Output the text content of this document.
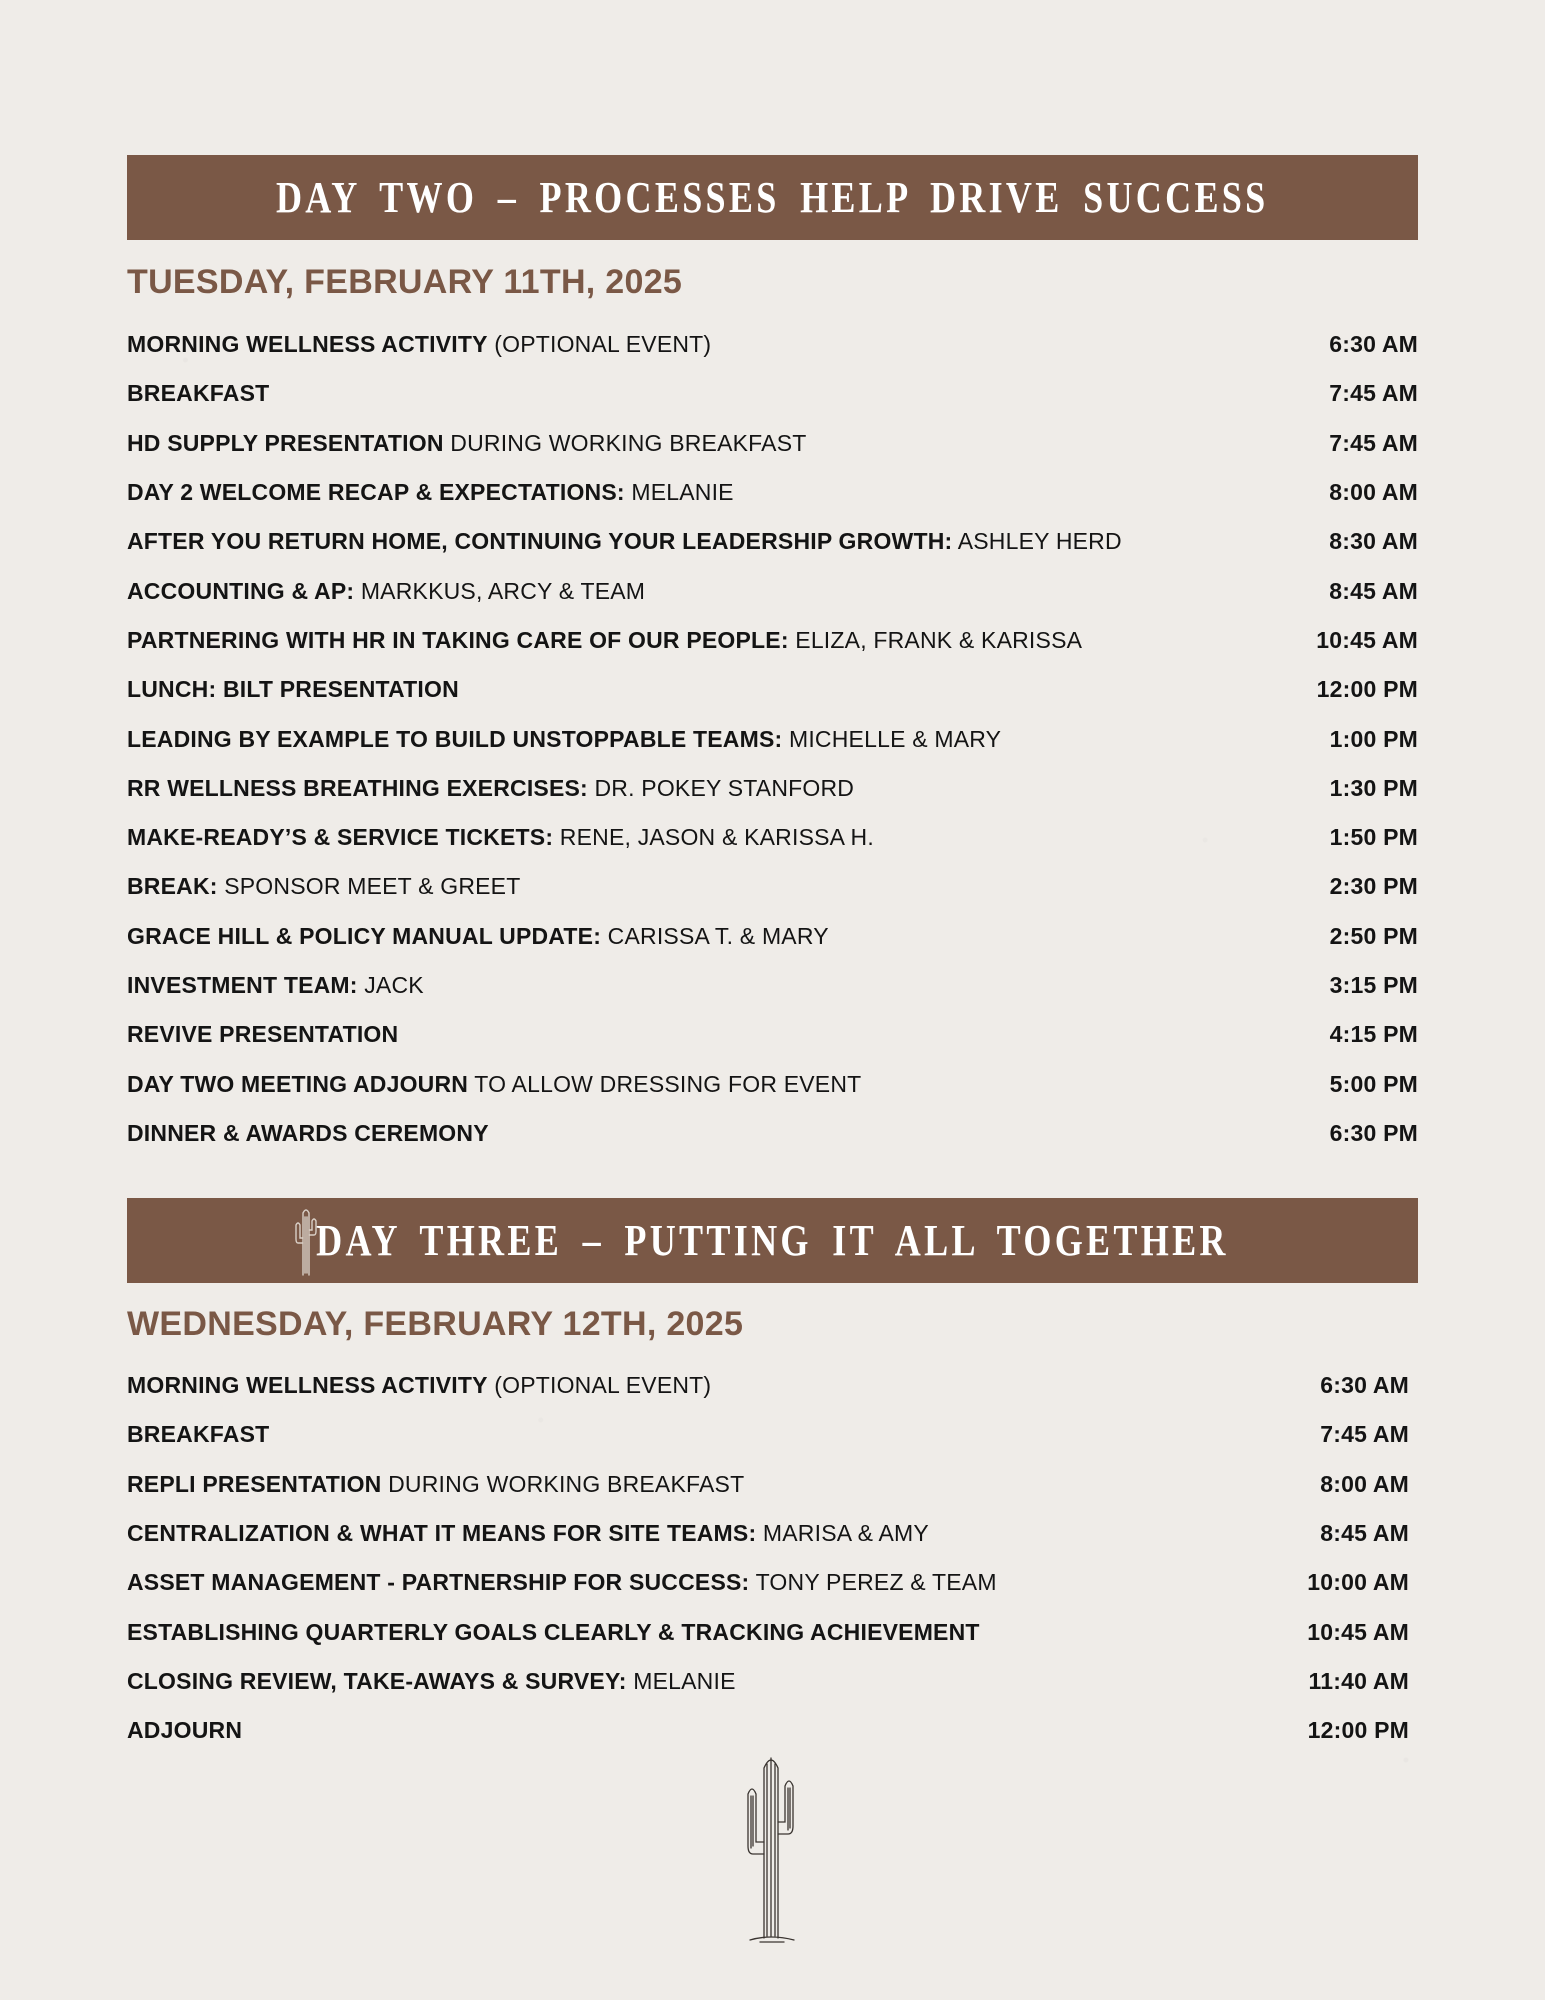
DAY TWO – PROCESSES HELP DRIVE SUCCESS
TUESDAY, FEBRUARY 11TH, 2025
MORNING WELLNESS ACTIVITY (OPTIONAL EVENT)	6:30 AM
BREAKFAST	7:45 AM
HD SUPPLY PRESENTATION DURING WORKING BREAKFAST	7:45 AM
DAY 2 WELCOME RECAP & EXPECTATIONS: MELANIE	8:00 AM
AFTER YOU RETURN HOME, CONTINUING YOUR LEADERSHIP GROWTH: ASHLEY HERD	8:30 AM
ACCOUNTING & AP: MARKKUS, ARCY & TEAM	8:45 AM
PARTNERING WITH HR IN TAKING CARE OF OUR PEOPLE: ELIZA, FRANK & KARISSA	10:45 AM
LUNCH: BILT PRESENTATION	12:00 PM
LEADING BY EXAMPLE TO BUILD UNSTOPPABLE TEAMS: MICHELLE & MARY	1:00 PM
RR WELLNESS BREATHING EXERCISES: DR. POKEY STANFORD	1:30 PM
MAKE-READY’S & SERVICE TICKETS: RENE, JASON & KARISSA H.	1:50 PM
BREAK: SPONSOR MEET & GREET	2:30 PM
GRACE HILL & POLICY MANUAL UPDATE: CARISSA T. & MARY	2:50 PM
INVESTMENT TEAM: JACK	3:15 PM
REVIVE PRESENTATION	4:15 PM
DAY TWO MEETING ADJOURN TO ALLOW DRESSING FOR EVENT	5:00 PM
DINNER & AWARDS CEREMONY	6:30 PM
DAY THREE – PUTTING IT ALL TOGETHER
WEDNESDAY, FEBRUARY 12TH, 2025
MORNING WELLNESS ACTIVITY (OPTIONAL EVENT)	6:30 AM
BREAKFAST	7:45 AM
REPLI PRESENTATION DURING WORKING BREAKFAST	8:00 AM
CENTRALIZATION & WHAT IT MEANS FOR SITE TEAMS: MARISA & AMY	8:45 AM
ASSET MANAGEMENT - PARTNERSHIP FOR SUCCESS: TONY PEREZ & TEAM	10:00 AM
ESTABLISHING QUARTERLY GOALS CLEARLY & TRACKING ACHIEVEMENT	10:45 AM
CLOSING REVIEW, TAKE-AWAYS & SURVEY: MELANIE	11:40 AM
ADJOURN	12:00 PM
